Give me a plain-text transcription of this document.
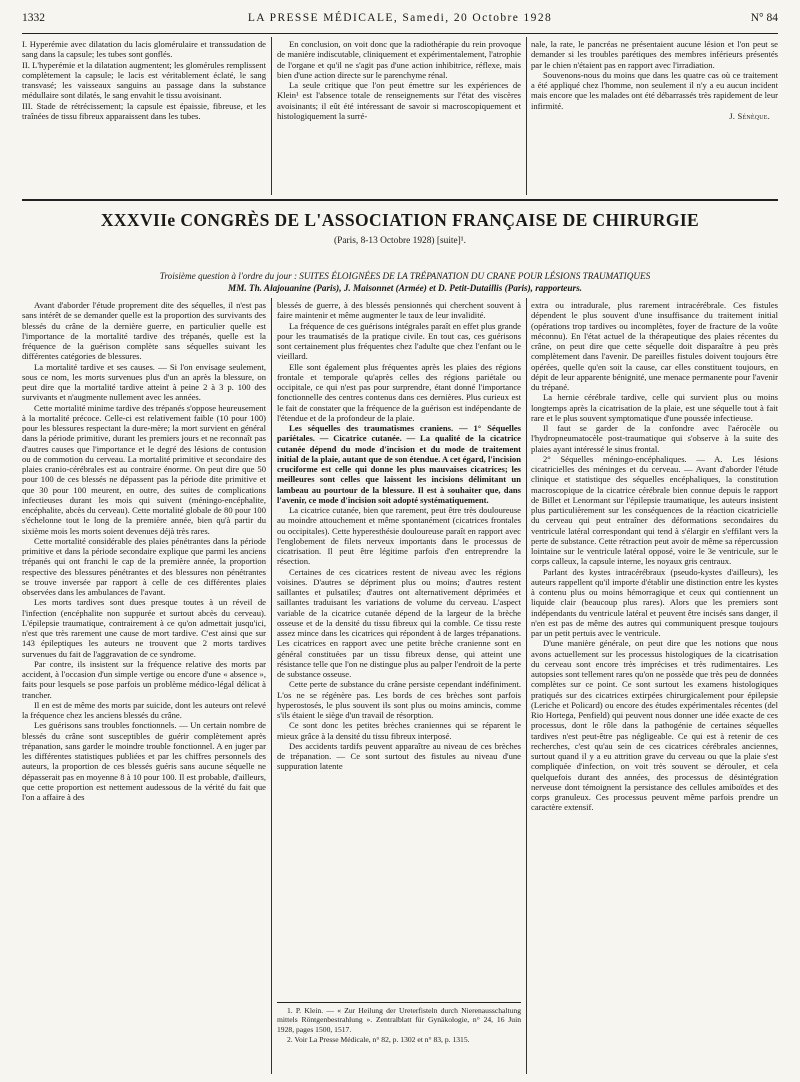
1332	LA PRESSE MÉDICALE, Samedi, 20 Octobre 1928	N° 84

I. Hyperémie avec dilatation du lacis glomérulaire et transsudation de sang dans la capsule; les tubes sont gonflés.

II. L'hyperémie et la dilatation augmentent; les glomérules remplissent complètement la capsule; le lacis est véritablement éclaté, le sang transvasé; les vaisseaux sanguins au passage dans la substance médullaire sont dilatés, le sang envahit le tissu avoisinant.

III. Stade de rétrécissement; la capsule est épaissie, fibreuse, et les traînées de tissu fibreux apparaissent dans les tubes.

En conclusion, on voit donc que la radiothérapie du rein provoque de manière indiscutable, cliniquement et expérimentalement, l'atrophie de l'organe et qu'il ne s'agit pas d'une action inhibitrice, réflexe, mais bien d'une action directe sur le parenchyme rénal.

La seule critique que l'on peut émettre sur les expériences de Klein¹ est l'absence totale de renseignements sur l'état des viscères avoisinants; il eût été intéressant de savoir si macroscopiquement et histologiquement la surré-

nale, la rate, le pancréas ne présentaient aucune lésion et l'on peut se demander si les troubles parétiques des membres inférieurs présentés par le chien n'étaient pas en rapport avec l'irradiation.

Souvenons-nous du moins que dans les quatre cas où ce traitement a été appliqué chez l'homme, non seulement il n'y a eu aucun incident mais encore que les malades ont été débarrassés très rapidement de leur infirmité.

J. Sénèque.

XXXVIIe CONGRÈS DE L'ASSOCIATION FRANÇAISE DE CHIRURGIE
(Paris, 8-13 Octobre 1928) [suite]¹.
Troisième question à l'ordre du jour : SUITES ÉLOIGNÉES DE LA TRÉPANATION DU CRANE POUR LÉSIONS TRAUMATIQUES
MM. Th. Alajouanine (Paris), J. Maisonnet (Armée) et D. Petit-Dutaillis (Paris), rapporteurs.

Avant d'aborder l'étude proprement dite des séquelles, il n'est pas sans intérêt de se demander quelle est la proportion des survivants des blessés du crâne de la dernière guerre, en particulier quelle est l'importance de la mortalité tardive des trépanés, quelle est la fréquence de la guérison complète sans séquelles suivant les différentes catégories de blessures.

La mortalité tardive et ses causes. — Si l'on envisage seulement, sous ce nom, les morts survenues plus d'un an après la blessure, on peut dire que la mortalité tardive atteint à peine 2 à 3 p. 100 des survivants et n'augmente nullement avec les années.

Cette mortalité minime tardive des trépanés s'oppose heureusement à la mortalité précoce. Celle-ci est relativement faible (10 pour 100) pour les blessures respectant la dure-mère; la mort survient en général dans la période primitive, durant les premiers jours et ne reconnaît pas d'autres causes que l'importance et le degré des lésions de contusion ou de commotion du cerveau. La mortalité primitive et secondaire des plaies cranio-cérébrales est au contraire énorme. On peut dire que 50 pour 100 de ces blessés ne dépassent pas la période dite primitive et que 30 pour 100 meurent, en outre, des suites de complications infectieuses durant les mois qui suivent (méningo-encéphalite, encéphalite, abcès du cerveau). Cette mortalité globale de 80 pour 100 s'échelonne tout le long de la première année, bien qu'à partir du sixième mois les morts soient devenues déjà très rares.

Cette mortalité considérable des plaies pénétrantes dans la période primitive et dans la période secondaire explique que parmi les anciens trépanés qui ont franchi le cap de la première année, la proportion respective des blessures pénétrantes et des blessures non pénétrantes se trouve inversée par rapport à celle de ces différentes plaies observées dans les ambulances de l'avant.

Les morts tardives sont dues presque toutes à un réveil de l'infection (encéphalite non suppurée et surtout abcès du cerveau). L'épilepsie traumatique, contrairement à ce qu'on admettait jusqu'ici, n'est que très rarement une cause de mort tardive. C'est ainsi que sur 143 épileptiques les auteurs ne trouvent que 2 morts tardives survenues du fait de l'aggravation de ce syndrome.

Par contre, ils insistent sur la fréquence relative des morts par accident, à l'occasion d'un simple vertige ou encore d'une « absence », faits pour lesquels se pose parfois un problème médico-légal délicat à trancher.

Il en est de même des morts par suicide, dont les auteurs ont relevé la fréquence chez les anciens blessés du crâne.

Les guérisons sans troubles fonctionnels. — Un certain nombre de blessés du crâne sont susceptibles de guérir complètement après trépanation, sans garder le moindre trouble fonctionnel. A en juger par les différentes statistiques publiées et par les chiffres personnels des auteurs, la proportion de ces blessés guéris sans aucune séquelle ne dépasserait pas en moyenne 8 à 10 pour 100. Il est probable, d'ailleurs, que cette proportion est nettement audessous de la vérité du fait que l'on a affaire à des

blessés de guerre, à des blessés pensionnés qui cherchent souvent à faire maintenir et même augmenter le taux de leur invalidité.

La fréquence de ces guérisons intégrales paraît en effet plus grande pour les traumatisés de la pratique civile. En tout cas, ces guérisons sont certainement plus fréquentes chez l'adulte que chez l'enfant ou le vieillard.

Elle sont également plus fréquentes après les plaies des régions frontale et temporale qu'après celles des régions pariétale ou occipitale, ce qui n'est pas pour surprendre, étant donné l'importance fonctionnelle des centres contenus dans ces dernières. Plus curieux est le fait de constater que la fréquence de la guérison est indépendante de l'étendue et de la profondeur de la plaie.

Les séquelles des traumatismes craniens. — 1° Séquelles pariétales. — Cicatrice cutanée. — La qualité de la cicatrice cutanée dépend du mode d'incision et du mode de traitement initial de la plaie, autant que de son étendue. A cet égard, l'incision cruciforme est celle qui donne les plus mauvaises cicatrices; les meilleures sont celles que laissent les incisions délimitant un lambeau au pourtour de la blessure. Il est à souhaiter que, dans l'avenir, ce mode d'incision soit adopté systématiquement.

La cicatrice cutanée, bien que rarement, peut être très douloureuse au moindre attouchement et même spontanément (cicatrices frontales ou occipitales). Cette hyperesthésie douloureuse paraît en rapport avec l'englobement de filets nerveux importants dans le processus de cicatrisation. Il peut être légitime parfois d'en entreprendre la résection.

Certaines de ces cicatrices restent de niveau avec les régions voisines. D'autres se dépriment plus ou moins; d'autres restent saillantes et pulsatiles; d'autres ont alternativement déprimées et saillantes traduisant les variations de volume du cerveau. L'aspect variable de la cicatrice cutanée dépend de la largeur de la brèche osseuse et de la densité du tissu fibreux qui la comble. Ce tissu reste assez mince dans les cicatrices qui répondent à de larges trépanations. Les cicatrices en rapport avec une petite brèche cranienne sont en général constituées par un tissu fibreux dense, qui atteint une résistance telle que l'on ne distingue plus au palper l'endroit de la perte de substance osseuse.

Cette perte de substance du crâne persiste cependant indéfiniment. L'os ne se régénère pas. Les bords de ces brèches sont parfois hyperostosés, le plus souvent ils sont plus ou moins amincis, comme s'ils étaient le siège d'un travail de résorption.

Ce sont donc les petites brèches craniennes qui se réparent le mieux grâce à la densité du tissu fibreux interposé.

Des accidents tardifs peuvent apparaître au niveau de ces brèches de trépanation. — Ce sont surtout des fistules au niveau d'une suppuration latente

1. P. Klein. — « Zur Heilung der Ureterfisteln durch Nierenausschaltung mittels Röntgenbestrahlung ». Zentralblatt für Gynäkologie, n° 24, 16 Juin 1928, pages 1500, 1517.

2. Voir La Presse Médicale, n° 82, p. 1302 et n° 83, p. 1315.

extra ou intradurale, plus rarement intracérébrale. Ces fistules dépendent le plus souvent d'une insuffisance du traitement initial (opérations trop tardives ou incomplètes, foyer de fracture de la voûte méconnu). En l'état actuel de la thérapeutique des plaies récentes du crâne, on peut dire que cette séquelle doit disparaître à peu près complètement dans l'avenir. De pareilles fistules doivent toujours être opérées, quelle qu'en soit la cause, car elles constituent toujours, en dépit de leur apparente bénignité, une menace permanente pour l'avenir du trépané.

La hernie cérébrale tardive, celle qui survient plus ou moins longtemps après la cicatrisation de la plaie, est une séquelle tout à fait rare et le plus souvent symptomatique d'une poussée infectieuse.

Il faut se garder de la confondre avec l'aérocèle ou l'hydropneumatocèle post-traumatique qui s'observe à la suite des plaies ayant intéressé le sinus frontal.

2° Séquelles méningo-encéphaliques. — A. Les lésions cicatricielles des méninges et du cerveau. — Avant d'aborder l'étude clinique et statistique des séquelles encéphaliques, la constitution macroscopique de la cicatrice cérébrale bien connue depuis le rapport de Billet et Lenormant sur l'épilepsie traumatique, les auteurs insistent plus particulièrement sur les conséquences de la réaction cicatricielle du cerveau qui peut entraîner des déformations secondaires du ventricule latéral correspondant qui tend à s'élargir en s'effilant vers la perte de substance. Cette rétraction peut avoir de même sa répercussion lointaine sur le ventricule latéral opposé, voire le 3e ventricule, sur le corps calleux, la capsule interne, les noyaux gris centraux.

Parlant des kystes intracérébraux (pseudo-kystes d'ailleurs), les auteurs rappellent qu'il importe d'établir une distinction entre les kystes à contenu plus ou moins hémorragique et ceux qui contiennent un liquide clair (beaucoup plus rares). Alors que les premiers sont indépendants du ventricule latéral et peuvent être incisés sans danger, il n'en est pas de même des autres qui communiquent presque toujours par un petit pertuis avec le ventricule.

D'une manière générale, on peut dire que les notions que nous avons actuellement sur les processus histologiques de la cicatrisation du cerveau sont encore très imprécises et très rudimentaires. Les autopsies sont tellement rares qu'on ne possède que très peu de données complètes sur ce point. Ce sont surtout les examens histologiques pratiqués sur des cicatrices extirpées chirurgicalement pour épilepsie (Leriche et Policard) ou encore des études expérimentales récentes (del Rio Hortega, Penfield) qui peuvent nous donner une idée exacte de ces processus, dont le rôle dans la pathogénie de certaines séquelles tardives n'est peut-être pas négligeable. Ce qui est à retenir de ces recherches, c'est qu'au sein de ces cicatrices cérébrales anciennes, surtout quand il y a eu attrition grave du cerveau ou que la plaie s'est compliquée d'infection, on voit très souvent se dérouler, et cela quelquefois durant des années, des processus de désintégration nerveuse dont témoignent la persistance des cellules amiboïdes et des corps granuleux. Ces processus peuvent même parfois prendre un caractère extensif.
